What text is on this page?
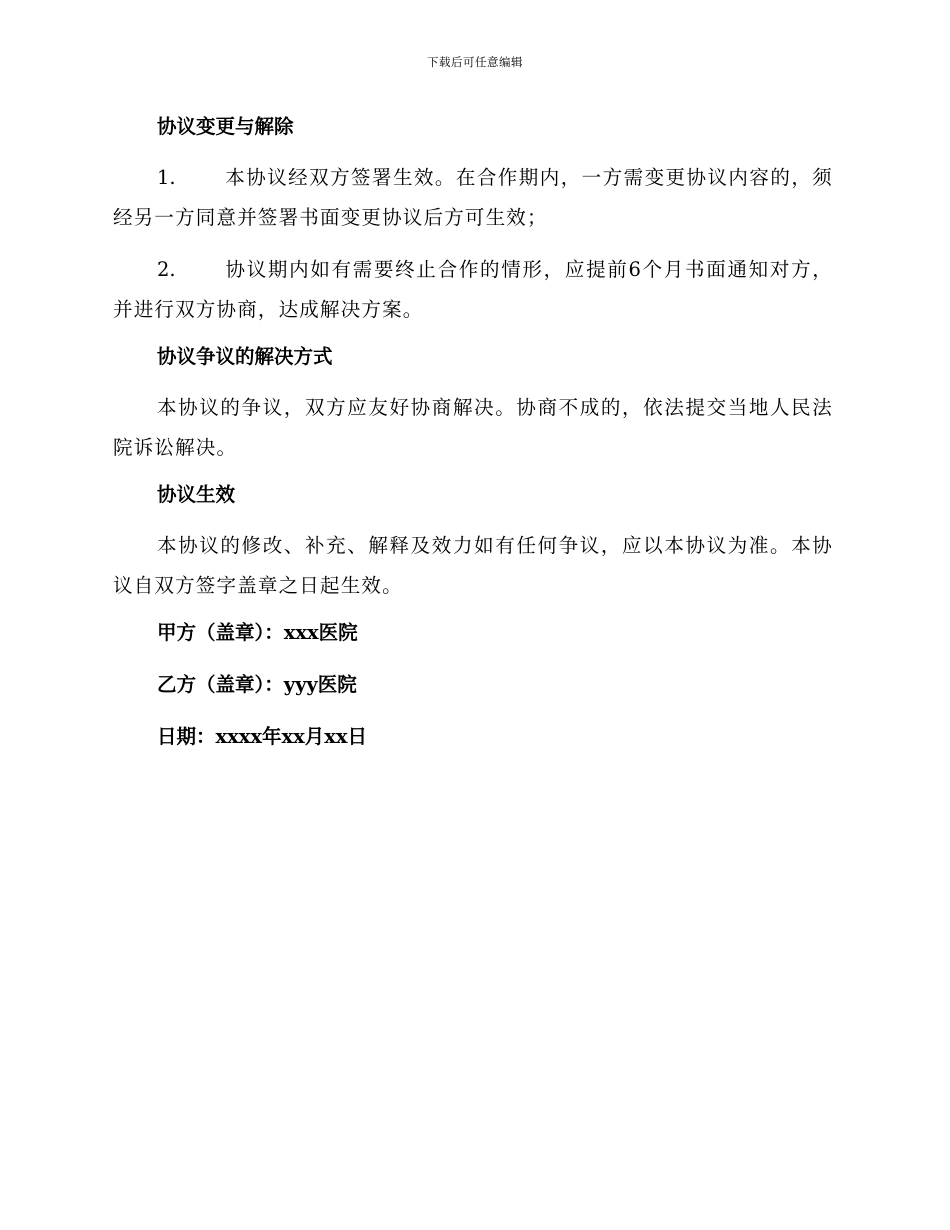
下载后可任意编辑
协议变更与解除
1.	本协议经双方签署生效。在合作期内，一方需变更协议内容的，须经另一方同意并签署书面变更协议后方可生效；
2.	协议期内如有需要终止合作的情形，应提前6个月书面通知对方，并进行双方协商，达成解决方案。
协议争议的解决方式
本协议的争议，双方应友好协商解决。协商不成的，依法提交当地人民法院诉讼解决。
协议生效
本协议的修改、补充、解释及效力如有任何争议，应以本协议为准。本协议自双方签字盖章之日起生效。
甲方（盖章）：xxx医院
乙方（盖章）：yyy医院
日期：xxxx年xx月xx日
